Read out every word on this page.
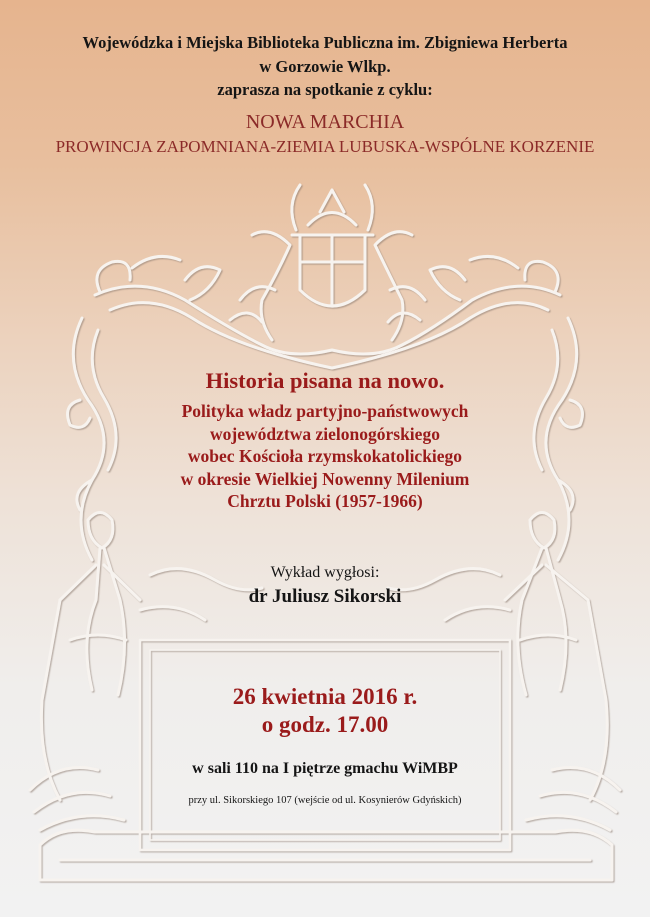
Wojewódzka i Miejska Biblioteka Publiczna im. Zbigniewa Herberta
w Gorzowie Wlkp.
zaprasza na spotkanie z cyklu:
NOWA MARCHIA
PROWINCJA ZAPOMNIANA-ZIEMIA LUBUSKA-WSPÓLNE KORZENIE
Historia pisana na nowo.
Polityka władz partyjno-państwowych
województwa zielonogórskiego
wobec Kościoła rzymskokatolickiego
w okresie Wielkiej Nowenny Milenium
Chrztu Polski (1957-1966)
Wykład wygłosi:
dr Juliusz Sikorski
26 kwietnia 2016 r.
o godz. 17.00
w sali 110 na I piętrze gmachu WiMBP
przy ul. Sikorskiego 107 (wejście od ul. Kosynierów Gdyńskich)
